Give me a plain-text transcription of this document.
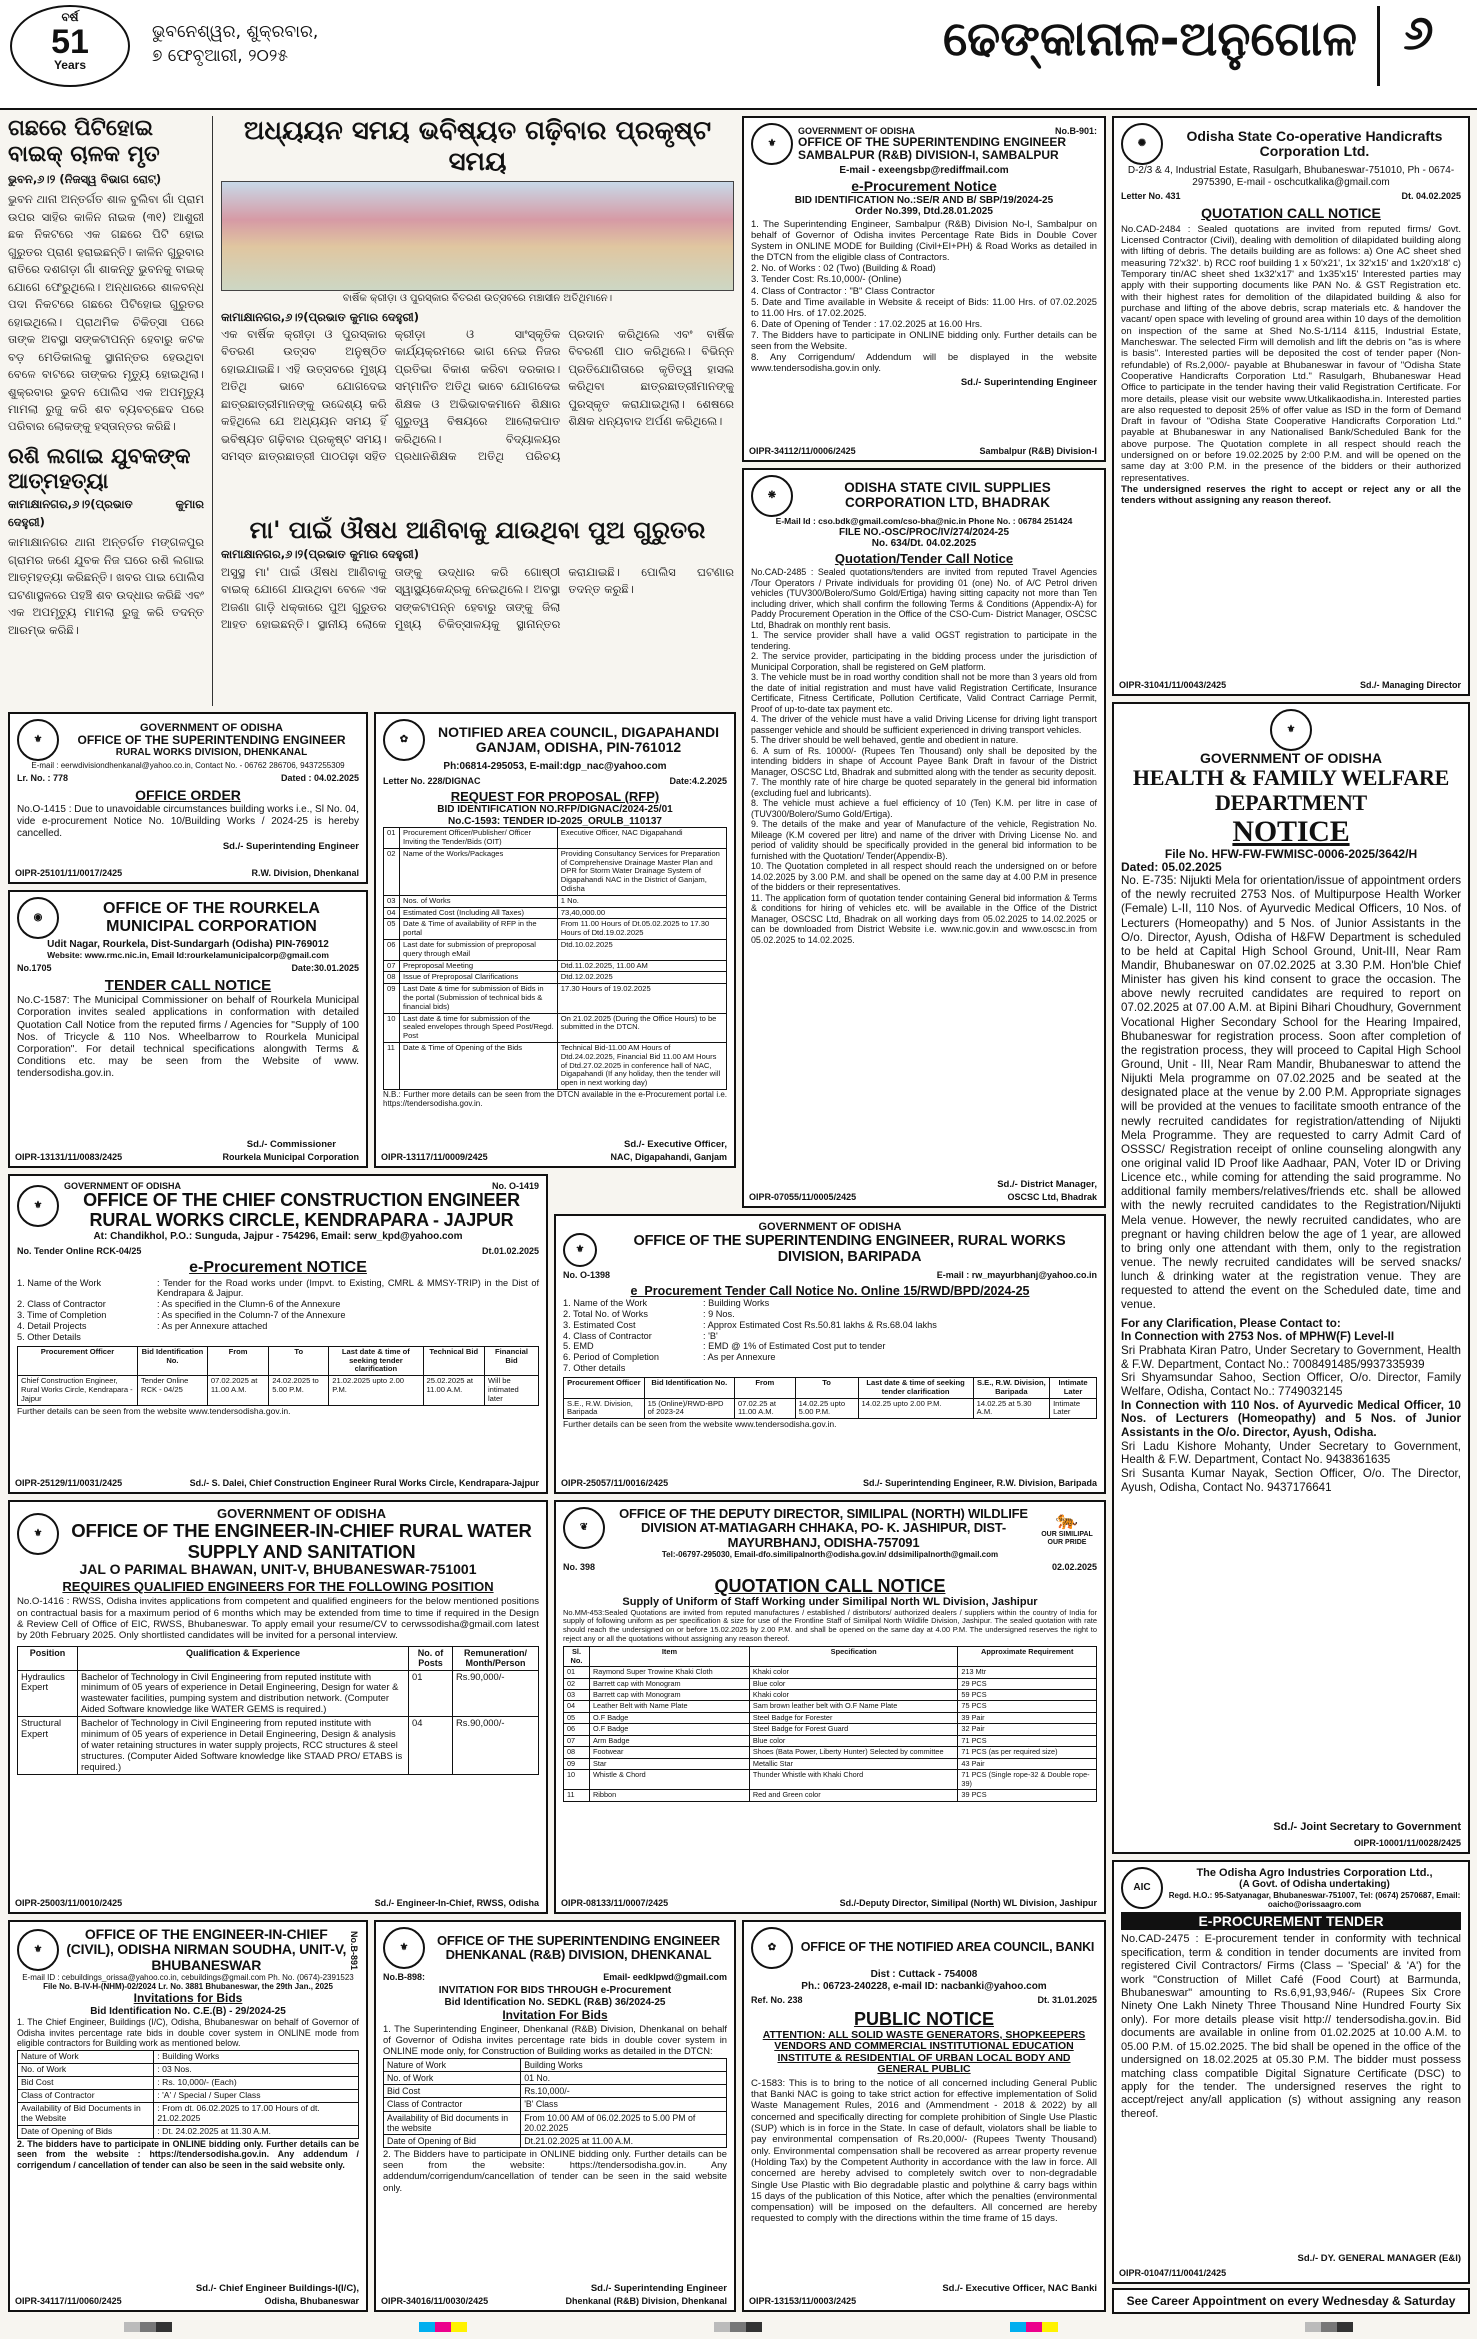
ବର୍ଷ
51
Years
ଭୁବନେଶ୍ୱର, ଶୁକ୍ରବାର,
୭ ଫେବୃଆରୀ, ୨୦୨୫	ଢେଙ୍କାନାଳ-ଅନୁଗୋଳ ୬
ଗଛରେ ପିଟିହୋଇ ବାଇକ୍ ଚାଳକ ମୃତ
ଭୁବନ,୬।୨ (ନିଜସ୍ୱ ବିଭାଗ ରୋଟ୍)
ଭୁବନ ଥାନା ଅନ୍ତର୍ଗତ ଶାଳ ବୁଲିବା ଗାଁ ପ୍ରାମ ଉପର ସାହିର କାଳିନ ନାଇକ (୩୧) ଆଶୁରୀ ଛକ ନିକଟରେ ଏକ ଗଛରେ ପିଟି ହୋଇ ଗୁରୁତର ପ୍ରାଣ ହରାଇଛନ୍ତି। କାଳିନ ଗୁରୁବାର ରାତିରେ ଦଶଗଡ଼ା ଗାଁ ଶାକନ୍ତୁ ଭୁବନକୁ ବାଇକ୍ ଯୋଗେ ଫେରୁଥିଲେ। ଅନ୍ଧାରରେ ଶାଳବନ୍ଧ ପଦା ନିକଟରେ ଗଛରେ ପିଟିହୋଇ ଗୁରୁତର ହୋଇଥିଲେ। ପ୍ରାଥମିକ ଚିକିତ୍ସା ପରେ ତାଙ୍କ ଅବସ୍ଥା ସଙ୍କଟାପନ୍ନ ହେବାରୁ କଟକ ବଡ଼ ମେଡିକାଲକୁ ସ୍ଥାନାନ୍ତର ହେଉଥିବା ବେଳେ ବାଟରେ ତାଙ୍କର ମୃତ୍ୟୁ ହୋଇଥିଲା। ଶୁକ୍ରବାର ଭୁବନ ପୋଲିସ ଏକ ଅପମୃତ୍ୟୁ ମାମଲା ରୁଜୁ କରି ଶବ ବ୍ୟବଚ୍ଛେଦ ପରେ ପରିବାର ଲୋକଙ୍କୁ ହସ୍ତାନ୍ତର କରିଛି।
ରଶି ଲଗାଇ ଯୁବକଙ୍କ ଆତ୍ମହତ୍ୟା
କାମାକ୍ଷାନଗର,୬।୨(ପ୍ରଭାତ କୁମାର ଦେହୁରୀ)
କାମାକ୍ଷାନଗର ଥାନା ଅନ୍ତର୍ଗତ ମଙ୍ଗଳପୁର ଗ୍ରାମର ଜଣେ ଯୁବକ ନିଜ ଘରେ ରଶି ଲଗାଇ ଆତ୍ମହତ୍ୟା କରିଛନ୍ତି। ଖବର ପାଇ ପୋଲିସ ଘଟଣାସ୍ଥଳରେ ପହଞ୍ଚି ଶବ ଉଦ୍ଧାର କରିଛି ଏବଂ ଏକ ଅପମୃତ୍ୟୁ ମାମଲା ରୁଜୁ କରି ତଦନ୍ତ ଆରମ୍ଭ କରିଛି।
ଅଧ୍ୟୟନ ସମୟ ଭବିଷ୍ୟତ ଗଢ଼ିବାର ପ୍ରକୃଷ୍ଟ ସମୟ
ବାର୍ଷିକ କ୍ରୀଡ଼ା ଓ ପୁରସ୍କାର ବିତରଣ ଉତ୍ସବରେ ମଞ୍ଚାସୀନ ଅତିଥିମାନେ।
କାମାକ୍ଷାନଗର,୬।୨(ପ୍ରଭାତ କୁମାର ଦେହୁରୀ)
ଏକ ବାର୍ଷିକ କ୍ରୀଡ଼ା ଓ ପୁରସ୍କାର ବିତରଣ ଉତ୍ସବ ଅନୁଷ୍ଠିତ ହୋଇଯାଇଛି। ଏହି ଉତ୍ସବରେ ମୁଖ୍ୟ ଅତିଥି ଭାବେ ଯୋଗଦେଇ ଛାତ୍ରଛାତ୍ରୀମାନଙ୍କୁ ଉଦ୍ଦେଶ୍ୟ କରି କହିଥିଲେ ଯେ ଅଧ୍ୟୟନ ସମୟ ହିଁ ଭବିଷ୍ୟତ ଗଢ଼ିବାର ପ୍ରକୃଷ୍ଟ ସମୟ। ସମସ୍ତ ଛାତ୍ରଛାତ୍ରୀ ପାଠପଢ଼ା ସହିତ କ୍ରୀଡ଼ା ଓ ସାଂସ୍କୃତିକ କାର୍ଯ୍ୟକ୍ରମରେ ଭାଗ ନେଇ ନିଜର ପ୍ରତିଭା ବିକାଶ କରିବା ଦରକାର। ସମ୍ମାନିତ ଅତିଥି ଭାବେ ଯୋଗଦେଇ ଶିକ୍ଷକ ଓ ଅଭିଭାବକମାନେ ଶିକ୍ଷାର ଗୁରୁତ୍ୱ ବିଷୟରେ ଆଲୋକପାତ କରିଥିଲେ। ବିଦ୍ୟାଳୟର ପ୍ରଧାନଶିକ୍ଷକ ଅତିଥି ପରିଚୟ ପ୍ରଦାନ କରିଥିଲେ ଏବଂ ବାର୍ଷିକ ବିବରଣୀ ପାଠ କରିଥିଲେ। ବିଭିନ୍ନ ପ୍ରତିଯୋଗିତାରେ କୃତିତ୍ୱ ହାସଲ କରିଥିବା ଛାତ୍ରଛାତ୍ରୀମାନଙ୍କୁ ପୁରସ୍କୃତ କରାଯାଇଥିଲା। ଶେଷରେ ଶିକ୍ଷକ ଧନ୍ୟବାଦ ଅର୍ପଣ କରିଥିଲେ।
ମା' ପାଇଁ ଔଷଧ ଆଣିବାକୁ ଯାଉଥିବା ପୁଅ ଗୁରୁତର
କାମାକ୍ଷାନଗର,୬।୨(ପ୍ରଭାତ କୁମାର ଦେହୁରୀ)
ଅସୁସ୍ଥ ମା' ପାଇଁ ଔଷଧ ଆଣିବାକୁ ବାଇକ୍ ଯୋଗେ ଯାଉଥିବା ବେଳେ ଏକ ଅଜଣା ଗାଡ଼ି ଧକ୍କାରେ ପୁଅ ଗୁରୁତର ଆହତ ହୋଇଛନ୍ତି। ସ୍ଥାନୀୟ ଲୋକେ ତାଙ୍କୁ ଉଦ୍ଧାର କରି ଗୋଷ୍ଠୀ ସ୍ୱାସ୍ଥ୍ୟକେନ୍ଦ୍ରକୁ ନେଇଥିଲେ। ଅବସ୍ଥା ସଙ୍କଟାପନ୍ନ ହେବାରୁ ତାଙ୍କୁ ଜିଲା ମୁଖ୍ୟ ଚିକିତ୍ସାଳୟକୁ ସ୍ଥାନାନ୍ତର କରାଯାଇଛି। ପୋଲିସ ଘଟଣାର ତଦନ୍ତ କରୁଛି।
⚜
GOVERNMENT OF ODISHA	No.B-901:
OFFICE OF THE SUPERINTENDING ENGINEER SAMBALPUR (R&B) DIVISION-I, SAMBALPUR
E-mail - exeengsbp@rediffmail.com
e-Procurement Notice
BID IDENTIFICATION No.:SE/R AND B/ SBP/19/2024-25
Order No.399, Dtd.28.01.2025
1. The Superintending Engineer, Sambalpur (R&B) Division No-I, Sambalpur on behalf of Governor of Odisha invites Percentage Rate Bids in Double Cover System in ONLINE MODE for Building (Civil+EI+PH) & Road Works as detailed in the DTCN from the eligible class of Contractors.
2. No. of Works : 02 (Two) (Building & Road)
3. Tender Cost: Rs.10,000/- (Online)
4. Class of Contractor : "B" Class Contractor
5. Date and Time available in Website & receipt of Bids: 11.00 Hrs. of 07.02.2025 to 11.00 Hrs. of 17.02.2025.
6. Date of Opening of Tender : 17.02.2025 at 16.00 Hrs.
7. The Bidders have to participate in ONLINE bidding only. Further details can be seen from the Website.
8. Any Corrigendum/ Addendum will be displayed in the website www.tendersodisha.gov.in only.
Sd./- Superintending Engineer
OIPR-34112/11/0006/2425	Sambalpur (R&B) Division-I
✺	Odisha State Co-operative Handicrafts Corporation Ltd.
D-2/3 & 4, Industrial Estate, Rasulgarh, Bhubaneswar-751010, Ph - 0674-2975390, E-mail - oschcutkalika@gmail.com
Letter No. 431	Dt. 04.02.2025
QUOTATION CALL NOTICE
No.CAD-2484 : Sealed quotations are invited from reputed firms/ Govt. Licensed Contractor (Civil), dealing with demolition of dilapidated building along with lifting of debris. The details building are as follows: a) One AC sheet shed measuring 72'x32'. b) RCC roof building 1 x 50'x21', 1x 32'x15' and 1x20'x18' c) Temporary tin/AC sheet shed 1x32'x17' and 1x35'x15' Interested parties may apply with their supporting documents like PAN No. & GST Registration etc. with their highest rates for demolition of the dilapidated building & also for purchase and lifting of the above debris, scrap materials etc. & handover the vacant/ open space with leveling of ground area within 10 days of the demolition on inspection of the same at Shed No.S-1/114 &115, Industrial Estate, Mancheswar. The selected Firm will demolish and lift the debris on "as is where is basis". Interested parties will be deposited the cost of tender paper (Non-refundable) of Rs.2,000/- payable at Bhubaneswar in favour of "Odisha State Cooperative Handicrafts Corporation Ltd." Rasulgarh, Bhubaneswar Head Office to participate in the tender having their valid Registration Certificate. For more details, please visit our website www.Utkalikaodisha.in. Interested parties are also requested to deposit 25% of offer value as ISD in the form of Demand Draft in favour of "Odisha State Cooperative Handicrafts Corporation Ltd." payable at Bhubaneswar in any Nationalised Bank/Scheduled Bank for the above purpose. The Quotation complete in all respect should reach the undersigned on or before 19.02.2025 by 2:00 P.M. and will be opened on the same day at 3:00 P.M. in the presence of the bidders or their authorized representatives.
The undersigned reserves the right to accept or reject any or all the tenders without assigning any reason thereof.
OIPR-31041/11/0043/2425	Sd./- Managing Director
❋
ODISHA STATE CIVIL SUPPLIES CORPORATION LTD, BHADRAK
E-Mail Id : cso.bdk@gmail.com/cso-bha@nic.in Phone No. : 06784 251424
FILE NO.-OSC/PROC/IV/274/2024-25
No. 634/Dt. 04.02.2025
Quotation/Tender Call Notice
No.CAD-2485 : Sealed quotations/tenders are invited from reputed Travel Agencies /Tour Operators / Private individuals for providing 01 (one) No. of A/C Petrol driven vehicles (TUV300/Bolero/Sumo Gold/Ertiga) having sitting capacity not more than Ten including driver, which shall confirm the following Terms & Conditions (Appendix-A) for Paddy Procurement Operation in the Office of the CSO-Cum- District Manager, OSCSC Ltd, Bhadrak on monthly rent basis.
1. The service provider shall have a valid OGST registration to participate in the tendering.
2. The service provider, participating in the bidding process under the jurisdiction of Municipal Corporation, shall be registered on GeM platform.
3. The vehicle must be in road worthy condition shall not be more than 3 years old from the date of initial registration and must have valid Registration Certificate, Insurance Certificate, Fitness Certificate, Pollution Certificate, Valid Contract Carriage Permit, Proof of up-to-date tax payment etc.
4. The driver of the vehicle must have a valid Driving License for driving light transport passenger vehicle and should be sufficient experienced in driving transport vehicles.
5. The driver should be well behaved, gentle and obedient in nature.
6. A sum of Rs. 10000/- (Rupees Ten Thousand) only shall be deposited by the intending bidders in shape of Account Payee Bank Draft in favour of the District Manager, OSCSC Ltd, Bhadrak and submitted along with the tender as security deposit.
7. The monthly rate of hire charge be quoted separately in the general bid information (excluding fuel and lubricants).
8. The vehicle must achieve a fuel efficiency of 10 (Ten) K.M. per litre in case of (TUV300/Bolero/Sumo Gold/Ertiga).
9. The details of the make and year of Manufacture of the vehicle, Registration No. Mileage (K.M covered per litre) and name of the driver with Driving License No. and period of validity should be specifically provided in the general bid information to be furnished with the Quotation/ Tender(Appendix-B).
10. The Quotation completed in all respect should reach the undersigned on or before 14.02.2025 by 3.00 P.M. and shall be opened on the same day at 4.00 P.M in presence of the bidders or their representatives.
11. The application form of quotation tender containing General bid information & Terms & conditions for hiring of vehicles etc. will be available in the Office of the District Manager, OSCSC Ltd, Bhadrak on all working days from 05.02.2025 to 14.02.2025 or can be downloaded from District Website i.e. www.nic.gov.in and www.oscsc.in from 05.02.2025 to 14.02.2025.
Sd./- District Manager,
OIPR-07055/11/0005/2425	OSCSC Ltd, Bhadrak
⚜
GOVERNMENT OF ODISHA
OFFICE OF THE SUPERINTENDING ENGINEER
RURAL WORKS DIVISION, DHENKANAL
E-mail : eerwdivisiondhenkanal@yahoo.co.in, Contact No. - 06762 286706, 9437255309
Lr. No. : 778	Dated : 04.02.2025
OFFICE ORDER
No.O-1415 : Due to unavoidable circumstances building works i.e., Sl No. 04, vide e-procurement Notice No. 10/Building Works / 2024-25 is hereby cancelled.
Sd./- Superintending Engineer
OIPR-25101/11/0017/2425	R.W. Division, Dhenkanal
◉
OFFICE OF THE ROURKELA MUNICIPAL CORPORATION
Udit Nagar, Rourkela, Dist-Sundargarh (Odisha) PIN-769012
Website: www.rmc.nic.in, Email Id:rourkelamunicipalcorp@gmail.com
No.1705	Date:30.01.2025
TENDER CALL NOTICE
No.C-1587: The Municipal Commissioner on behalf of Rourkela Municipal Corporation invites sealed applications in conformation with detailed Quotation Call Notice from the reputed firms / Agencies for "Supply of 100 Nos. of Tricycle & 110 Nos. Wheelbarrow to Rourkela Municipal Corporation". For detail technical specifications alongwith Terms & Conditions etc. may be seen from the Website of www. tendersodisha.gov.in.
Sd./- Commissioner
OIPR-13131/11/0083/2425	Rourkela Municipal Corporation
✿	NOTIFIED AREA COUNCIL, DIGAPAHANDI GANJAM, ODISHA, PIN-761012
Ph:06814-295053, E-mail:dgp_nac@yahoo.com
Letter No. 228/DIGNAC	Date:4.2.2025
REQUEST FOR PROPOSAL (RFP)
BID IDENTIFICATION NO.RFP/DIGNAC/2024-25/01
No.C-1593: TENDER ID-2025_ORULB_110137
01	Procurement Officer/Publisher/ Officer Inviting the Tender/Bids (OIT)	Executive Officer, NAC Digapahandi
02	Name of the Works/Packages	Providing Consultancy Services for Preparation of Comprehensive Drainage Master Plan and DPR for Storm Water Drainage System of Digapahandi NAC in the District of Ganjam, Odisha
03	Nos. of Works	1 No.
04	Estimated Cost (Including All Taxes)	73,40,000.00
05	Date & Time of availability of RFP in the portal	From 11.00 Hours of Dt.05.02.2025 to 17.30 Hours of Dtd.19.02.2025
06	Last date for submission of preproposal query through eMail	Dtd.10.02.2025
07	Preproposal Meeting	Dtd.11.02.2025, 11.00 AM
08	Issue of Preproposal Clarifications	Dtd.12.02.2025
09	Last Date & time for submission of Bids in the portal (Submission of technical bids & financial bids)	17.30 Hours of 19.02.2025
10	Last date & time for submission of the sealed envelopes through Speed Post/Regd. Post	On 21.02.2025 (During the Office Hours) to be submitted in the DTCN.
11	Date & Time of Opening of the Bids	Technical Bid-11.00 AM Hours of Dtd.24.02.2025, Financial Bid 11.00 AM Hours of Dtd.27.02.2025 in conference hall of NAC, Digapahandi (If any holiday, then the tender will open in next working day)
N.B.: Further more details can be seen from the DTCN available in the e-Procurement portal i.e. https://tendersodisha.gov.in.
Sd./- Executive Officer,
OIPR-13117/11/0009/2425	NAC, Digapahandi, Ganjam
⚜
GOVERNMENT OF ODISHA
HEALTH & FAMILY WELFARE DEPARTMENT
NOTICE
File No. HFW-FW-FWMISC-0006-2025/3642/H
Dated: 05.02.2025
No. E-735: Nijukti Mela for orientation/issue of appointment orders of the newly recruited 2753 Nos. of Multipurpose Health Worker (Female) L-II, 110 Nos. of Ayurvedic Medical Officers, 10 Nos. of Lecturers (Homeopathy) and 5 Nos. of Junior Assistants in the O/o. Director, Ayush, Odisha of H&FW Department is scheduled to be held at Capital High School Ground, Unit-III, Near Ram Mandir, Bhubaneswar on 07.02.2025 at 3.30 P.M. Hon'ble Chief Minister has given his kind consent to grace the occasion. The above newly recruited candidates are required to report on 07.02.2025 at 07.00 A.M. at Bipini Bihari Choudhury, Government Vocational Higher Secondary School for the Hearing Impaired, Bhubaneswar for registration process. Soon after completion of the registration process, they will proceed to Capital High School Ground, Unit - III, Near Ram Mandir, Bhubaneswar to attend the Nijukti Mela programme on 07.02.2025 and be seated at the designated place at the venue by 2.00 P.M. Appropriate signages will be provided at the venues to facilitate smooth entrance of the newly recruited candidates for registration/attending of Nijukti Mela Programme. They are requested to carry Admit Card of OSSSC/ Registration receipt of online counseling alongwith any one original valid ID Proof like Aadhaar, PAN, Voter ID or Driving Licence etc., while coming for attending the said programme. No additional family members/relatives/friends etc. shall be allowed with the newly recruited candidates to the Registration/Nijukti Mela venue. However, the newly recruited candidates, who are pregnant or having children below the age of 1 year, are allowed to bring only one attendant with them, only to the registration venue. The newly recruited candidates will be served snacks/ lunch & drinking water at the registration venue. They are requested to attend the event on the Scheduled date, time and venue.
For any Clarification, Please Contact to:
In Connection with 2753 Nos. of MPHW(F) Level-II
Sri Prabhata Kiran Patro, Under Secretary to Government, Health & F.W. Department, Contact No.: 7008491485/9937335939
Sri Shyamsundar Sahoo, Section Officer, O/o. Director, Family Welfare, Odisha, Contact No.: 7749032145
In Connection with 110 Nos. of Ayurvedic Medical Officer, 10 Nos. of Lecturers (Homeopathy) and 5 Nos. of Junior Assistants in the O/o. Director, Ayush, Odisha.
Sri Ladu Kishore Mohanty, Under Secretary to Government, Health & F.W. Department, Contact No. 9438361635
Sri Susanta Kumar Nayak, Section Officer, O/o. The Director, Ayush, Odisha, Contact No. 9437176641
Sd./- Joint Secretary to Government
OIPR-10001/11/0028/2425
⚜
GOVERNMENT OF ODISHA	No. O-1419
OFFICE OF THE CHIEF CONSTRUCTION ENGINEER RURAL WORKS CIRCLE, KENDRAPARA - JAJPUR
At: Chandikhol, P.O.: Sunguda, Jajpur - 754296, Email: serw_kpd@yahoo.com
No. Tender Online RCK-04/25	Dt.01.02.2025
e-Procurement NOTICE
1. Name of the Work	: Tender for the Road works under (Impvt. to Existing, CMRL & MMSY-TRIP) in the Dist of Kendrapara & Jajpur.
2. Class of Contractor	: As specified in the Clumn-6 of the Annexure
3. Time of Completion	: As specified in the Column-7 of the Annexure
4. Detail Projects	: As per Annexure attached
5. Other Details
Procurement Officer	Bid Identification No.	From	To	Last date & time of seeking tender clarification	Technical Bid	Financial Bid
Chief Construction Engineer, Rural Works Circle, Kendrapara - Jajpur	Tender Online RCK - 04/25	07.02.2025 at 11.00 A.M.	24.02.2025 to 5.00 P.M.	21.02.2025 upto 2.00 P.M.	25.02.2025 at 11.00 A.M.	Will be intimated later
Further details can be seen from the website www.tendersodisha.gov.in.
OIPR-25129/11/0031/2425	Sd./- S. Dalei, Chief Construction Engineer Rural Works Circle, Kendrapara-Jajpur
GOVERNMENT OF ODISHA
⚜
OFFICE OF THE SUPERINTENDING ENGINEER, RURAL WORKS DIVISION, BARIPADA
No. O-1398	E-mail : rw_mayurbhanj@yahoo.co.in
e_Procurement Tender Call Notice No. Online 15/RWD/BPD/2024-25
1. Name of the Work	: Building Works
2. Total No. of Works	: 9 Nos.
3. Estimated Cost	: Approx Estimated Cost Rs.50.81 lakhs & Rs.68.04 lakhs
4. Class of Contractor	: 'B'
5. EMD	: EMD @ 1% of Estimated Cost put to tender
6. Period of Completion	: As per Annexure
7. Other details
Procurement Officer	Bid Identification No.	From	To	Last date & time of seeking tender clarification	S.E., R.W. Division, Baripada	Intimate Later
S.E., R.W. Division, Baripada	15 (Online)/RWD-BPD of 2023-24	07.02.25 at 11.00 A.M.	14.02.25 upto 5.00 P.M.	14.02.25 upto 2.00 P.M.	14.02.25 at 5.30 A.M.	Intimate Later
Further details can be seen from the website www.tendersodisha.gov.in.
OIPR-25057/11/0016/2425	Sd./- Superintending Engineer, R.W. Division, Baripada
⚜
GOVERNMENT OF ODISHA
OFFICE OF THE ENGINEER-IN-CHIEF RURAL WATER SUPPLY AND SANITATION
JAL O PARIMAL BHAWAN, UNIT-V, BHUBANESWAR-751001
REQUIRES QUALIFIED ENGINEERS FOR THE FOLLOWING POSITION
No.O-1416 : RWSS, Odisha invites applications from competent and qualified engineers for the below mentioned positions on contractual basis for a maximum period of 6 months which may be extended from time to time if required in the Design & Review Cell of Office of EIC, RWSS, Bhubaneswar. To apply email your resume/CV to cerwssodisha@gmail.com latest by 20th February 2025. Only shortlisted candidates will be invited for a personal interview.
Position	Qualification & Experience	No. of Posts	Remuneration/ Month/Person
Hydraulics Expert	Bachelor of Technology in Civil Engineering from reputed institute with minimum of 05 years of experience in Detail Engineering, Design for water & wastewater facilities, pumping system and distribution network. (Computer Aided Software knowledge like WATER GEMS is required.)	01	Rs.90,000/-
Structural Expert	Bachelor of Technology in Civil Engineering from reputed institute with minimum of 05 years of experience in Detail Engineering, Design & analysis of water retaining structures in water supply projects, RCC structures & steel structures. (Computer Aided Software knowledge like STAAD PRO/ ETABS is required.)	04	Rs.90,000/-
OIPR-25003/11/0010/2425	Sd./- Engineer-In-Chief, RWSS, Odisha
❦
OFFICE OF THE DEPUTY DIRECTOR, SIMILIPAL (NORTH) WILDLIFE DIVISION AT-MATIAGARH CHHAKA, PO- K. JASHIPUR, DIST-MAYURBHANJ, ODISHA-757091
🐅
OUR SIMILIPAL OUR PRIDE
Tel:-06797-295030, Email-dfo.similipalnorth@odisha.gov.in/ ddsimilipalnorth@gmail.com
No. 398	02.02.2025
QUOTATION CALL NOTICE
Supply of Uniform of Staff Working under Similipal North WL Division, Jashipur
No.MM-453:Sealed Quotations are invited from reputed manufactures / established / distributors/ authorized dealers / suppliers within the country of India for supply of following uniform as per specification & size for use of the Frontline Staff of Similipal North Wildlife Division, Jashipur. The sealed quotation with rate should reach the undersigned on or before 15.02.2025 by 2.00 P.M. and shall be opened on the same day at 4.00 P.M. The undersigned reserves the right to reject any or all the quotations without assigning any reason thereof.
Sl. No.	Item	Specification	Approximate Requirement
01	Raymond Super Trowine Khaki Cloth	Khaki color	213 Mtr
02	Barrett cap with Monogram	Blue color	29 PCS
03	Barrett cap with Monogram	Khaki color	59 PCS
04	Leather Belt with Name Plate	Sam brown leather belt with O.F Name Plate	75 PCS
05	O.F Badge	Steel Badge for Forester	39 Pair
06	O.F Badge	Steel Badge for Forest Guard	32 Pair
07	Arm Badge	Blue color	71 PCS
08	Footwear	Shoes (Bata Power, Liberty Hunter) Selected by committee	71 PCS (as per required size)
09	Star	Metallic Star	43 Pair
10	Whistle & Chord	Thunder Whistle with Khaki Chord	71 PCS (Single rope-32 & Double rope-39)
11	Ribbon	Red and Green color	39 PCS
OIPR-08133/11/0007/2425	Sd./-Deputy Director, Similipal (North) WL Division, Jashipur
AIC
The Odisha Agro Industries Corporation Ltd.,
(A Govt. of Odisha undertaking)
Regd. H.O.: 95-Satyanagar, Bhubaneswar-751007, Tel: (0674) 2570687, Email: oaicho@orissaagro.com
E-PROCUREMENT TENDER
No.CAD-2475 : E-procurement tender in conformity with technical specification, term & condition in tender documents are invited from registered Civil Contractors/ Firms (Class – 'Special' & 'A') for the work "Construction of Millet Café (Food Court) at Barmunda, Bhubaneswar" amounting to Rs.6,91,93,946/- (Rupees Six Crore Ninety One Lakh Ninety Three Thousand Nine Hundred Fourty Six only). For more details please visit http:// tendersodisha.gov.in. Bid documents are available in online from 01.02.2025 at 10.00 A.M. to 05.00 P.M. of 15.02.2025. The bid shall be opened in the office of the undersigned on 18.02.2025 at 05.30 P.M. The bidder must possess matching class compatible Digital Signature Certificate (DSC) to apply for the tender. The undersigned reserves the right to accept/reject any/all application (s) without assigning any reason thereof.
Sd./- DY. GENERAL MANAGER (E&I)
OIPR-01047/11/0041/2425
See Career Appointment on every Wednesday & Saturday
⚜
OFFICE OF THE ENGINEER-IN-CHIEF (CIVIL), ODISHA NIRMAN SOUDHA, UNIT-V, BHUBANESWAR	No.B-891
E-mail ID : cebuildings_orissa@yahoo.co.in, cebuildings@gmail.com Ph. No. (0674)-2391523
File No. B-IV-H-(NHM)-02/2024 Lr. No. 3881 Bhubaneswar, the 29th Jan., 2025
Invitations for Bids
Bid Identification No. C.E.(B) - 29/2024-25
1. The Chief Engineer, Buildings (I/C), Odisha, Bhubaneswar on behalf of Governor of Odisha invites percentage rate bids in double cover system in ONLINE mode from eligible contractors for Building work as mentioned below.
Nature of Work	: Building Works
No. of Work	: 03 Nos.
Bid Cost	: Rs. 10,000/- (Each)
Class of Contractor	: 'A' / Special / Super Class
Availability of Bid Documents in the Website	: From dt. 06.02.2025 to 17.00 Hours of dt. 21.02.2025
Date of Opening of Bids	: Dt. 24.02.2025 at 11.30 A.M.
2. The bidders have to participate in ONLINE bidding only. Further details can be seen from the website : https://tendersodisha.gov.in. Any addendum / corrigendum / cancellation of tender can also be seen in the said website only.
Sd./- Chief Engineer Buildings-I(I/C),
OIPR-34117/11/0060/2425	Odisha, Bhubaneswar
⚜	OFFICE OF THE SUPERINTENDING ENGINEER DHENKANAL (R&B) DIVISION, DHENKANAL
No.B-898:	Email- eedklpwd@gmail.com
INVITATION FOR BIDS THROUGH e-Procurement
Bid Identification No. SEDKL (R&B) 36/2024-25
Invitation For Bids
1. The Superintending Engineer, Dhenkanal (R&B) Division, Dhenkanal on behalf of Governor of Odisha invites percentage rate bids in double cover system in ONLINE mode only, for Construction of Building works as detailed in the DTCN:
Nature of Work	Building Works
No. of Work	01 No.
Bid Cost	Rs.10,000/-
Class of Contractor	'B' Class
Availability of Bid documents in the website	From 10.00 AM of 06.02.2025 to 5.00 PM of 20.02.2025
Date of Opening of Bid	Dt.21.02.2025 at 11.00 A.M.
2. The Bidders have to participate in ONLINE bidding only. Further details can be seen from the website: https://tendersodisha.gov.in. Any addendum/corrigendum/cancellation of tender can be seen in the said website only.
Sd./- Superintending Engineer
OIPR-34016/11/0030/2425	Dhenkanal (R&B) Division, Dhenkanal
✿	OFFICE OF THE NOTIFIED AREA COUNCIL, BANKI
Dist : Cuttack - 754008
Ph.: 06723-240228, e-mail ID: nacbanki@yahoo.com
Ref. No. 238	Dt. 31.01.2025
PUBLIC NOTICE
ATTENTION: ALL SOLID WASTE GENERATORS, SHOPKEEPERS VENDORS AND COMMERCIAL INSTITUTIONAL EDUCATION INSTITUTE & RESIDENTIAL OF URBAN LOCAL BODY AND GENERAL PUBLIC
C-1583: This is to bring to the notice of all concerned including General Public that Banki NAC is going to take strict action for effective implementation of Solid Waste Management Rules, 2016 and (Ammendment - 2018 & 2022) by all concerned and specifically directing for complete prohibition of Single Use Plastic (SUP) which is in force in the State. In case of default, violators shall be liable to pay environmental compensation of Rs.20,000/- (Rupees Twenty Thousand) only. Environmental compensation shall be recovered as arrear property revenue (Holding Tax) by the Competent Authority in accordance with the law in force. All concerned are hereby advised to completely switch over to non-degradable Single Use Plastic with Bio degradable plastic and polythine & carry bags within 15 days of the publication of this Notice, after which the penalties (environmental compensation) will be imposed on the defaulters. All concerned are hereby requested to comply with the directions within the time frame of 15 days.
Sd./- Executive Officer, NAC Banki
OIPR-13153/11/0003/2425
